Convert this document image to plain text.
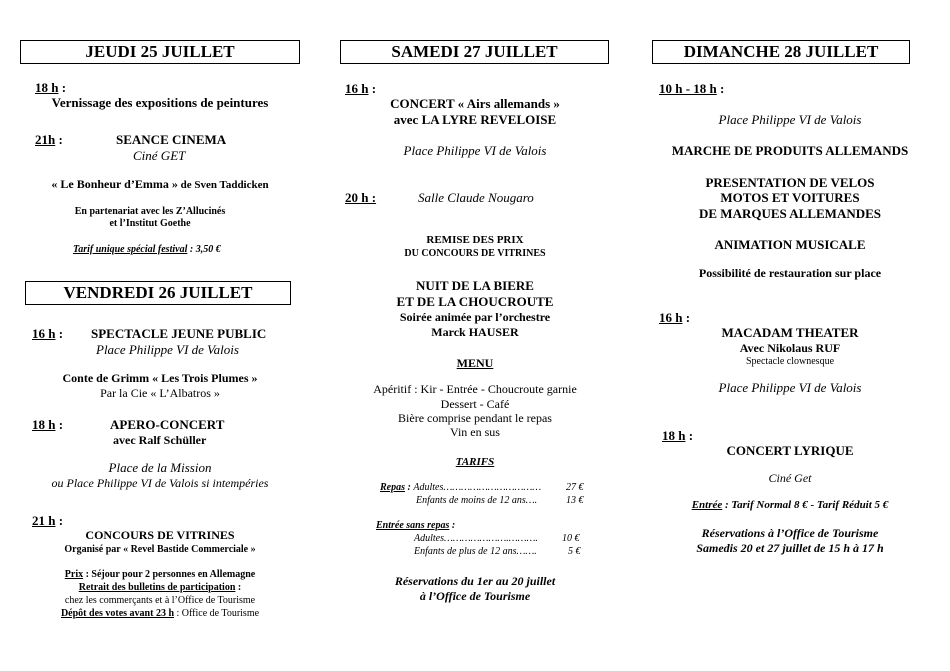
JEUDI 25 JUILLET
18 h :
Vernissage des expositions de peintures
21h :	SEANCE CINEMA
Ciné GET
« Le Bonheur d’Emma » de Sven Taddicken
En partenariat avec les Z’Allucinés
et l’Institut Goethe
Tarif unique spécial festival : 3,50 €
VENDREDI 26 JUILLET
16 h : SPECTACLE JEUNE PUBLIC
Place Philippe VI de Valois
Conte de Grimm « Les Trois Plumes »
Par la Cie « L’Albatros »
18 h :	APERO-CONCERT
avec Ralf Schüller
Place de la Mission
ou Place Philippe VI de Valois si intempéries
21 h :
CONCOURS DE VITRINES
Organisé par « Revel Bastide Commerciale »
Prix : Séjour pour 2 personnes en Allemagne
Retrait des bulletins de participation :
chez les commerçants et à l’Office de Tourisme
Dépôt des votes avant 23 h : Office de Tourisme
SAMEDI 27 JUILLET
16 h :
CONCERT « Airs allemands »
avec LA LYRE REVELOISE
Place Philippe VI de Valois
20 h :	Salle Claude Nougaro
REMISE DES PRIX
DU CONCOURS DE VITRINES
NUIT DE LA BIERE
ET DE LA CHOUCROUTE
Soirée animée par l’orchestre
Marck HAUSER
MENU
Apéritif : Kir - Entrée - Choucroute garnie
Dessert - Café
Bière comprise pendant le repas
Vin en sus
TARIFS
Repas : Adultes…………………………… 27 €
Enfants de moins de 12 ans….	13 €
Entrée sans repas :
Adultes………………….………. 10 €
Enfants de plus de 12 ans…….	5 €
Réservations du 1er au 20 juillet
à l’Office de Tourisme
DIMANCHE 28 JUILLET
10 h - 18 h :
Place Philippe VI de Valois
MARCHE DE PRODUITS ALLEMANDS
PRESENTATION DE VELOS
MOTOS ET VOITURES
DE MARQUES ALLEMANDES
ANIMATION MUSICALE
Possibilité de restauration sur place
16 h :
MACADAM THEATER
Avec Nikolaus RUF
Spectacle clownesque
Place Philippe VI de Valois
18 h :
CONCERT LYRIQUE
Ciné Get
Entrée : Tarif Normal 8 € - Tarif Réduit 5 €
Réservations à l’Office de Tourisme
Samedis 20 et 27 juillet de 15 h à 17 h
